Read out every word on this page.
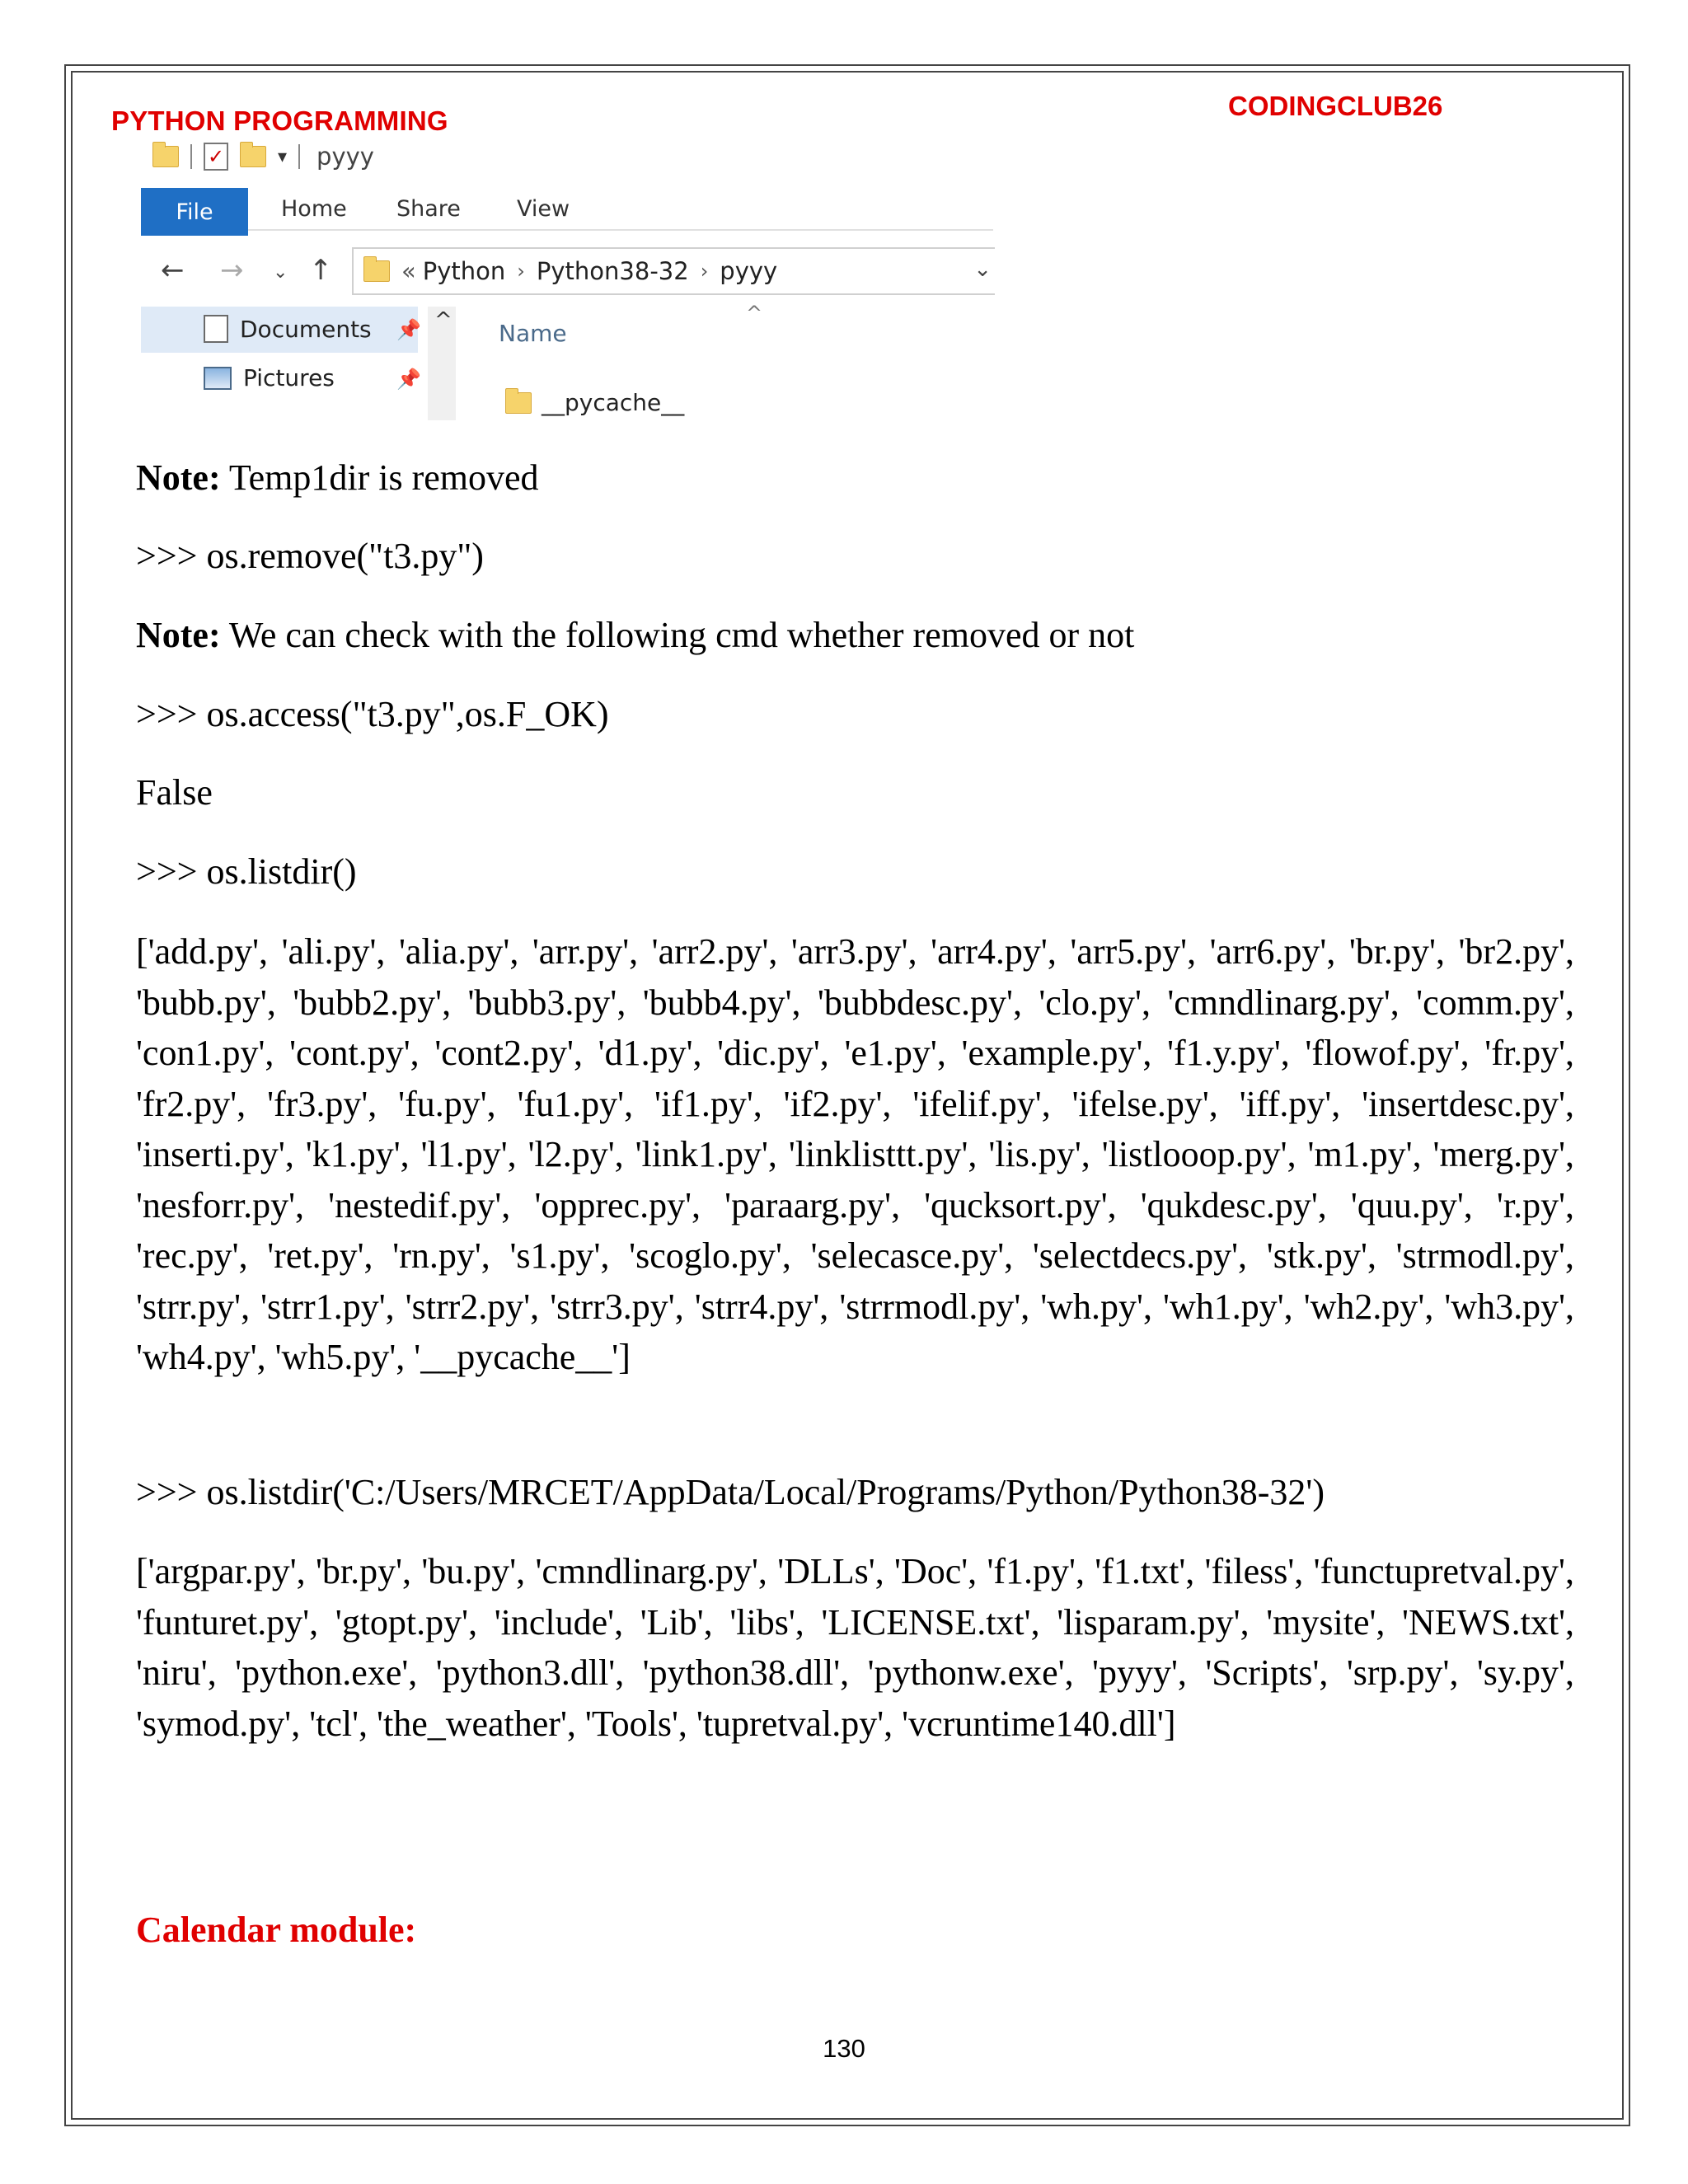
PYTHON PROGRAMMING	CODINGCLUB26
✓	▾ pyyy
File	Home Share	View
← → ⌄ ↑	« Python › Python38-32 › pyyy	⌄
Documents 📌
Pictures	📌
^ Name
^
__pycache__
Note: Temp1dir is removed
>>> os.remove("t3.py")
Note: We can check with the following cmd whether removed or not
>>> os.access("t3.py",os.F_OK)
False
>>> os.listdir()
['add.py', 'ali.py', 'alia.py', 'arr.py', 'arr2.py', 'arr3.py', 'arr4.py', 'arr5.py', 'arr6.py', 'br.py', 'br2.py', 'bubb.py', 'bubb2.py', 'bubb3.py', 'bubb4.py', 'bubbdesc.py', 'clo.py', 'cmndlinarg.py', 'comm.py', 'con1.py', 'cont.py', 'cont2.py', 'd1.py', 'dic.py', 'e1.py', 'example.py', 'f1.y.py', 'flowof.py', 'fr.py', 'fr2.py', 'fr3.py', 'fu.py', 'fu1.py', 'if1.py', 'if2.py', 'ifelif.py', 'ifelse.py', 'iff.py', 'insertdesc.py', 'inserti.py', 'k1.py', 'l1.py', 'l2.py', 'link1.py', 'linklisttt.py', 'lis.py', 'listlooop.py', 'm1.py', 'merg.py', 'nesforr.py', 'nestedif.py', 'opprec.py', 'paraarg.py', 'qucksort.py', 'qukdesc.py', 'quu.py', 'r.py', 'rec.py', 'ret.py', 'rn.py', 's1.py', 'scoglo.py', 'selecasce.py', 'selectdecs.py', 'stk.py', 'strmodl.py', 'strr.py', 'strr1.py', 'strr2.py', 'strr3.py', 'strr4.py', 'strrmodl.py', 'wh.py', 'wh1.py', 'wh2.py', 'wh3.py', 'wh4.py', 'wh5.py', '__pycache__']
>>> os.listdir('C:/Users/MRCET/AppData/Local/Programs/Python/Python38-32')
['argpar.py', 'br.py', 'bu.py', 'cmndlinarg.py', 'DLLs', 'Doc', 'f1.py', 'f1.txt', 'filess', 'functupretval.py', 'funturet.py', 'gtopt.py', 'include', 'Lib', 'libs', 'LICENSE.txt', 'lisparam.py', 'mysite', 'NEWS.txt', 'niru', 'python.exe', 'python3.dll', 'python38.dll', 'pythonw.exe', 'pyyy', 'Scripts', 'srp.py', 'sy.py', 'symod.py', 'tcl', 'the_weather', 'Tools', 'tupretval.py', 'vcruntime140.dll']
Calendar module:
130
